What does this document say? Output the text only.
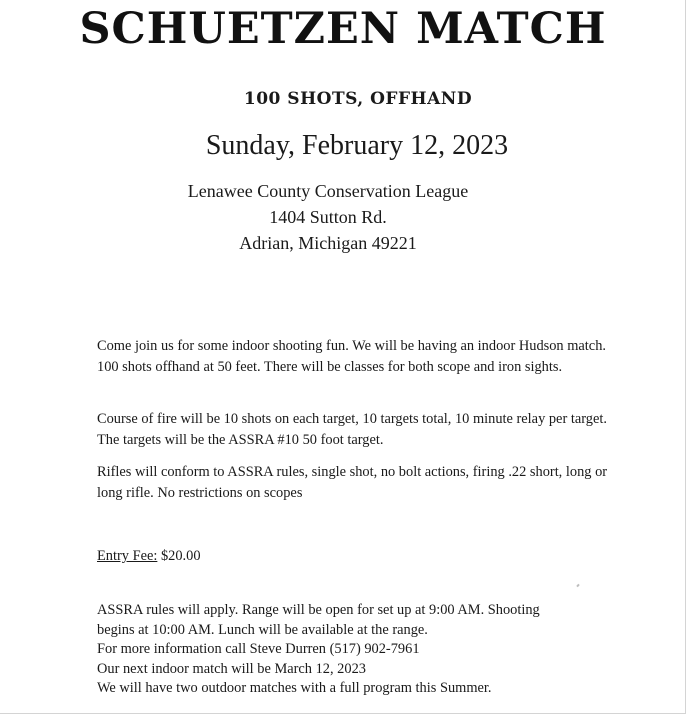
SCHUETZEN MATCH
100 SHOTS, OFFHAND
Sunday, February 12, 2023
Lenawee County Conservation League
1404 Sutton Rd.
Adrian, Michigan 49221

Come join us for some indoor shooting fun. We will be having an indoor Hudson match. 100 shots offhand at 50 feet. There will be classes for both scope and iron sights.

Course of fire will be 10 shots on each target, 10 targets total, 10 minute relay per target. The targets will be the ASSRA #10 50 foot target.

Rifles will conform to ASSRA rules, single shot, no bolt actions, firing .22 short, long or long rifle. No restrictions on scopes

Entry Fee: $20.00
ASSRA rules will apply. Range will be open for set up at 9:00 AM. Shooting
begins at 10:00 AM. Lunch will be available at the range.
For more information call Steve Durren (517) 902-7961
Our next indoor match will be March 12, 2023
We will have two outdoor matches with a full program this Summer.
